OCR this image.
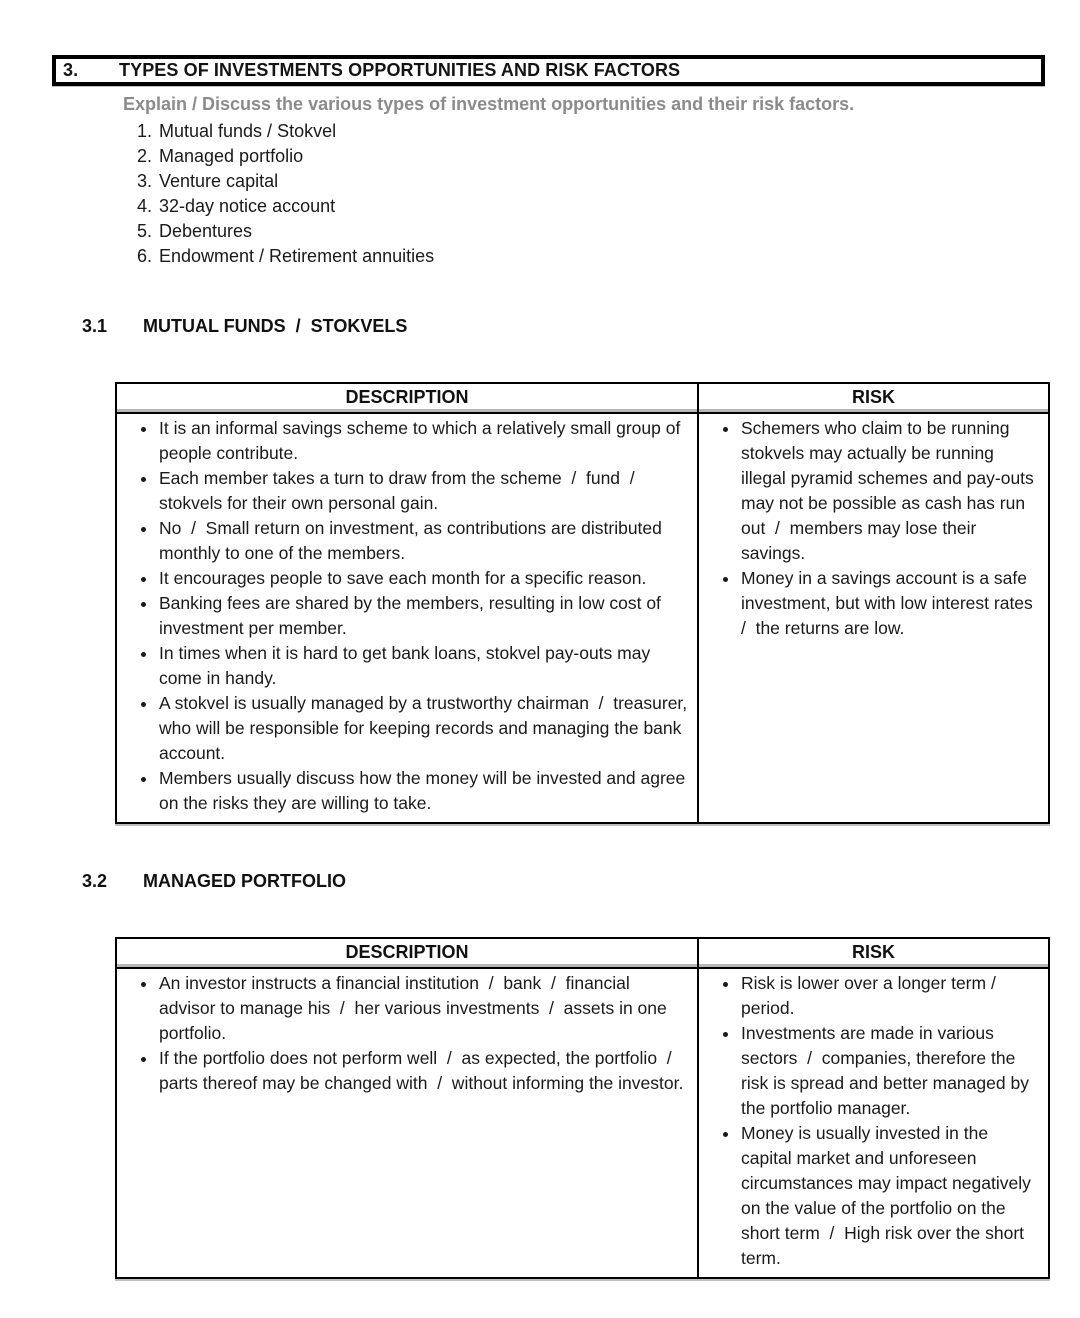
3.	TYPES OF INVESTMENTS OPPORTUNITIES AND RISK FACTORS
Explain / Discuss the various types of investment opportunities and their risk factors.
1. Mutual funds / Stokvel
2. Managed portfolio
3. Venture capital
4. 32-day notice account
5. Debentures
6. Endowment / Retirement annuities

3.1 MUTUAL FUNDS  /  STOKVELS

DESCRIPTION	RISK

• It is an informal savings scheme to which a relatively small group of people contribute.
• Each member takes a turn to draw from the scheme  /  fund  /  stokvels for their own personal gain.
• No  /  Small return on investment, as contributions are distributed monthly to one of the members.
• It encourages people to save each month for a specific reason.
• Banking fees are shared by the members, resulting in low cost of investment per member.
• In times when it is hard to get bank loans, stokvel pay-outs may come in handy.
• A stokvel is usually managed by a trustworthy chairman  /  treasurer, who will be responsible for keeping records and managing the bank account.
• Members usually discuss how the money will be invested and agree on the risks they are willing to take.

• Schemers who claim to be running stokvels may actually be running illegal pyramid schemes and pay-outs may not be possible as cash has run out  /  members may lose their savings.
• Money in a savings account is a safe investment, but with low interest rates  /  the returns are low.

3.2 MANAGED PORTFOLIO

DESCRIPTION	RISK

• An investor instructs a financial institution  /  bank  /  financial advisor to manage his  /  her various investments  /  assets in one portfolio.
• If the portfolio does not perform well  /  as expected, the portfolio  /  parts thereof may be changed with  /  without informing the investor.

• Risk is lower over a longer term / period.
• Investments are made in various sectors  /  companies, therefore the risk is spread and better managed by the portfolio manager.
• Money is usually invested in the capital market and unforeseen circumstances may impact negatively on the value of the portfolio on the short term  /  High risk over the short term.
